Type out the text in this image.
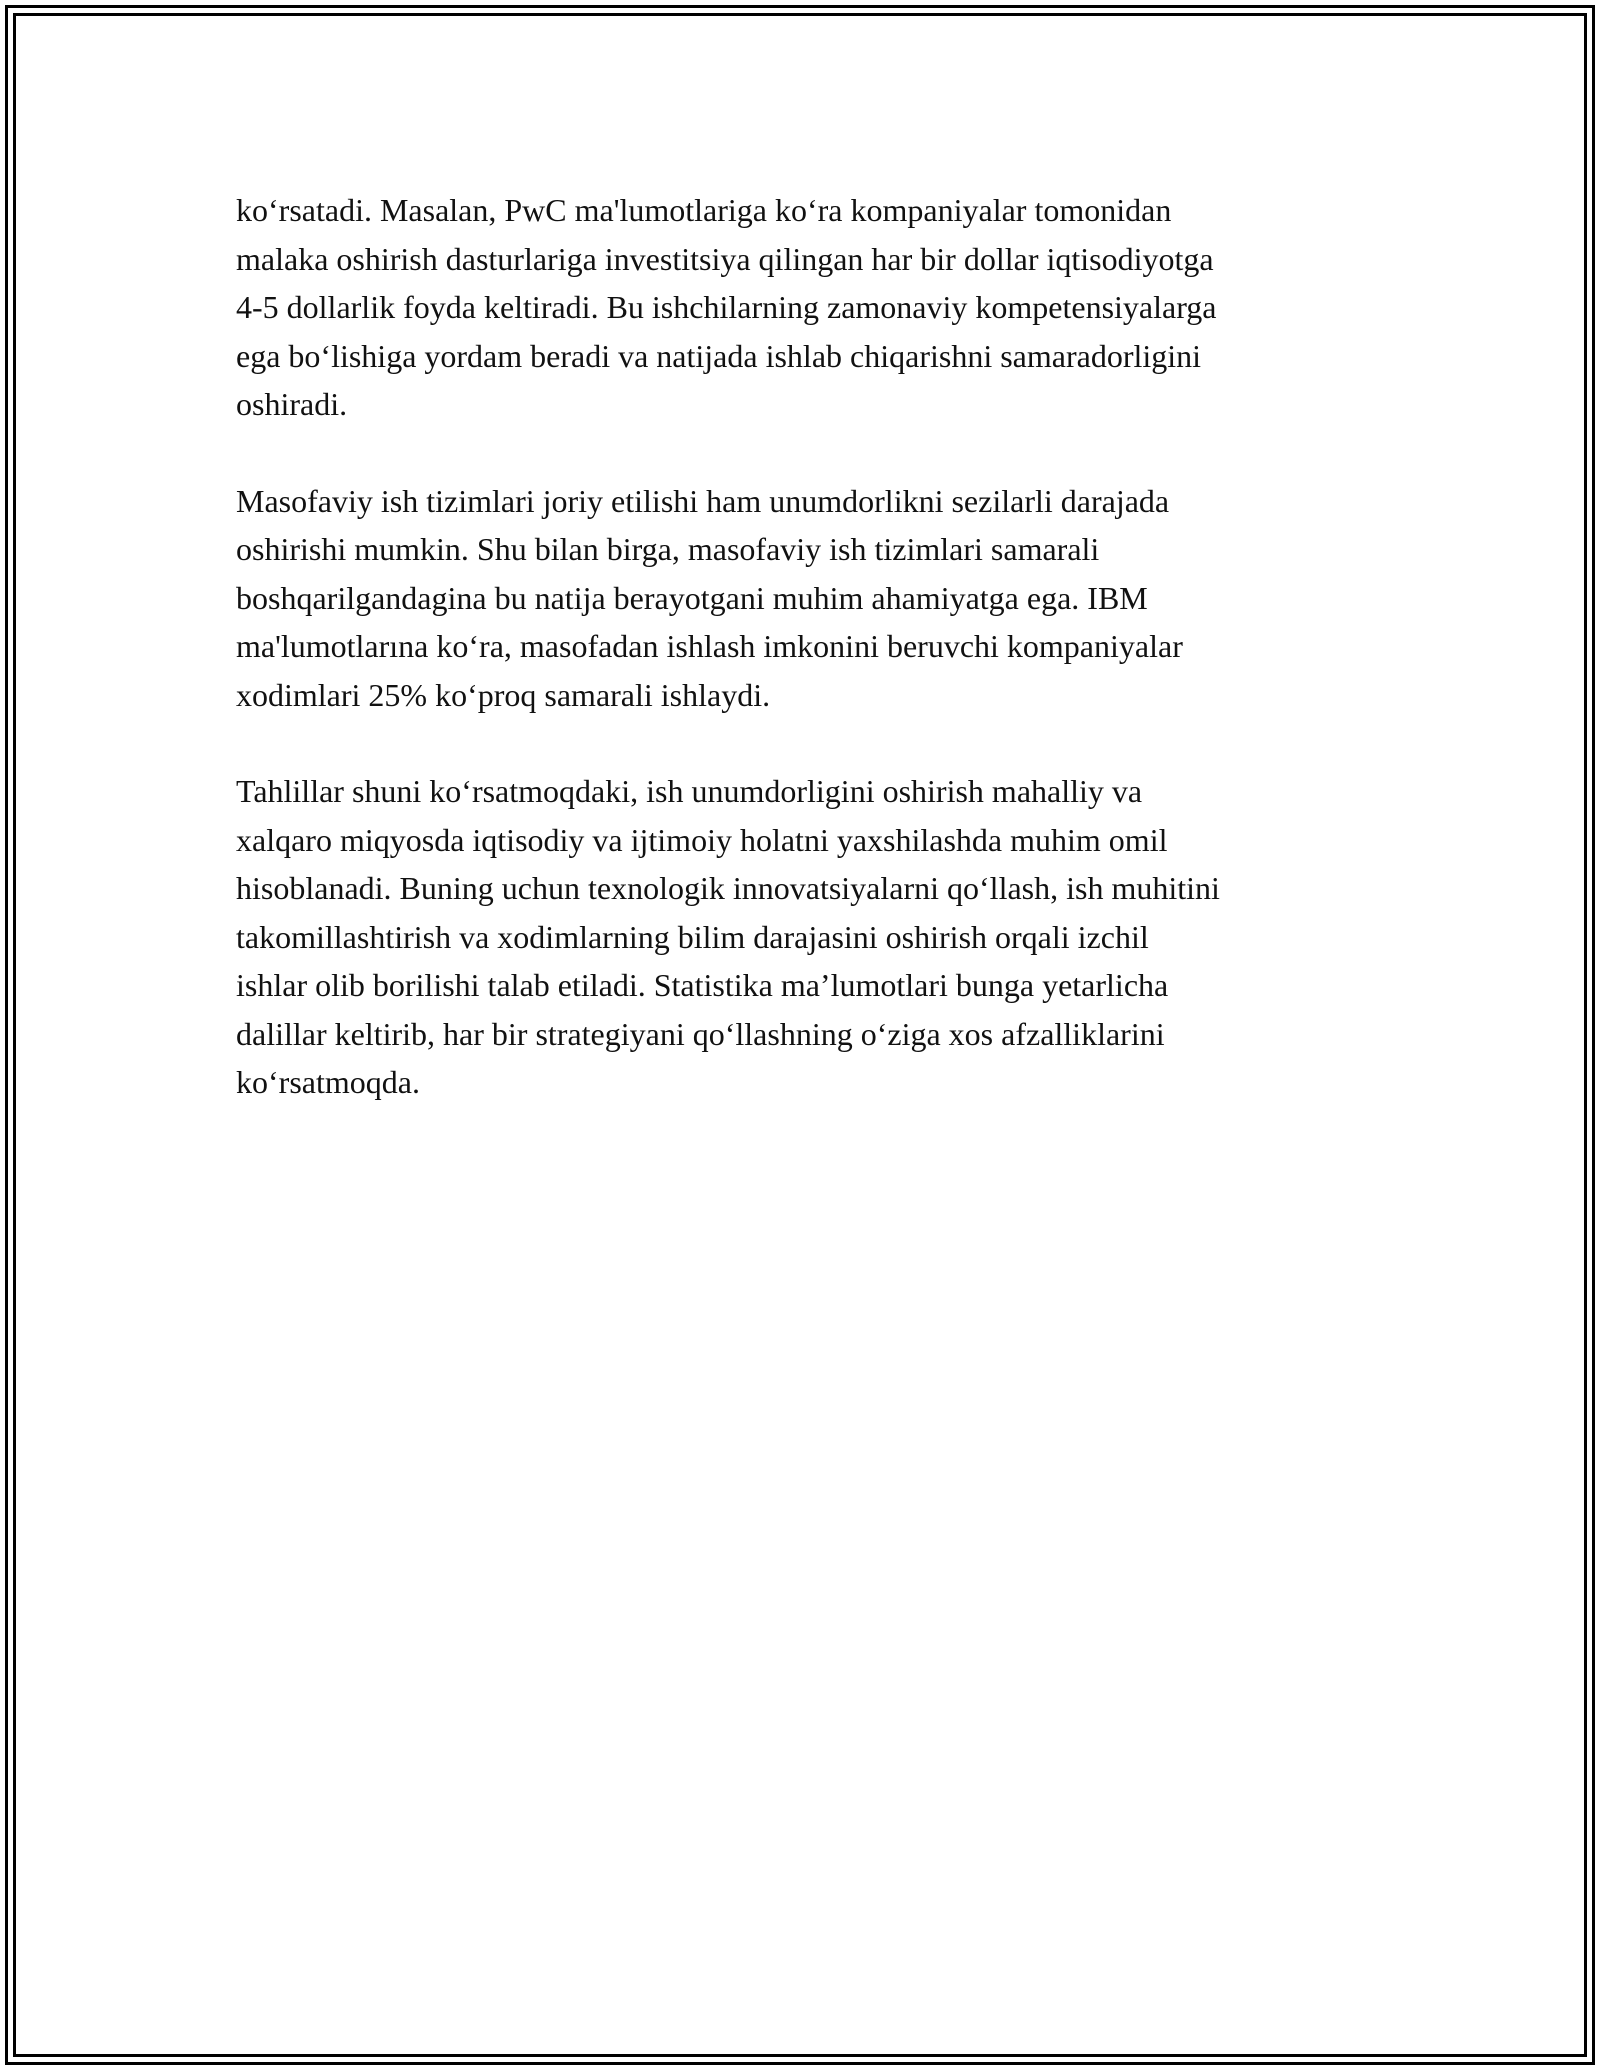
ko‘rsatadi. Masalan, PwC ma'lumotlariga ko‘ra kompaniyalar tomonidan
malaka oshirish dasturlariga investitsiya qilingan har bir dollar iqtisodiyotga
4-5 dollarlik foyda keltiradi. Bu ishchilarning zamonaviy kompetensiyalarga
ega bo‘lishiga yordam beradi va natijada ishlab chiqarishni samaradorligini
oshiradi.

Masofaviy ish tizimlari joriy etilishi ham unumdorlikni sezilarli darajada
oshirishi mumkin. Shu bilan birga, masofaviy ish tizimlari samarali
boshqarilgandagina bu natija berayotgani muhim ahamiyatga ega. IBM
ma'lumotlarına ko‘ra, masofadan ishlash imkonini beruvchi kompaniyalar
xodimlari 25% ko‘proq samarali ishlaydi.

Tahlillar shuni ko‘rsatmoqdaki, ish unumdorligini oshirish mahalliy va
xalqaro miqyosda iqtisodiy va ijtimoiy holatni yaxshilashda muhim omil
hisoblanadi. Buning uchun texnologik innovatsiyalarni qo‘llash, ish muhitini
takomillashtirish va xodimlarning bilim darajasini oshirish orqali izchil
ishlar olib borilishi talab etiladi. Statistika ma’lumotlari bunga yetarlicha
dalillar keltirib, har bir strategiyani qo‘llashning o‘ziga xos afzalliklarini
ko‘rsatmoqda.
